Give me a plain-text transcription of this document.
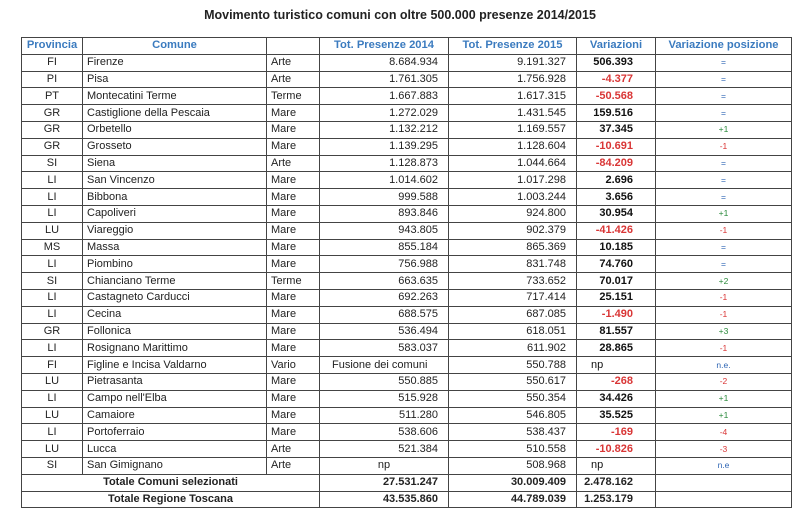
Movimento turistico comuni con oltre 500.000 presenze 2014/2015
Provincia	Comune		Tot. Presenze 2014	Tot. Presenze 2015	Variazioni	Variazione posizione
FI	Firenze	Arte	8.684.934	9.191.327	506.393	=
PI	Pisa	Arte	1.761.305	1.756.928	-4.377	=
PT	Montecatini Terme	Terme	1.667.883	1.617.315	-50.568	=
GR	Castiglione della Pescaia	Mare	1.272.029	1.431.545	159.516	=
GR	Orbetello	Mare	1.132.212	1.169.557	37.345	+1
GR	Grosseto	Mare	1.139.295	1.128.604	-10.691	-1
SI	Siena	Arte	1.128.873	1.044.664	-84.209	=
LI	San Vincenzo	Mare	1.014.602	1.017.298	2.696	=
LI	Bibbona	Mare	999.588	1.003.244	3.656	=
LI	Capoliveri	Mare	893.846	924.800	30.954	+1
LU	Viareggio	Mare	943.805	902.379	-41.426	-1
MS	Massa	Mare	855.184	865.369	10.185	=
LI	Piombino	Mare	756.988	831.748	74.760	=
SI	Chianciano Terme	Terme	663.635	733.652	70.017	+2
LI	Castagneto Carducci	Mare	692.263	717.414	25.151	-1
LI	Cecina	Mare	688.575	687.085	-1.490	-1
GR	Follonica	Mare	536.494	618.051	81.557	+3
LI	Rosignano Marittimo	Mare	583.037	611.902	28.865	-1
FI	Figline e Incisa Valdarno	Vario	Fusione dei comuni	550.788	np	n.e.
LU	Pietrasanta	Mare	550.885	550.617	-268	-2
LI	Campo nell'Elba	Mare	515.928	550.354	34.426	+1
LU	Camaiore	Mare	511.280	546.805	35.525	+1
LI	Portoferraio	Mare	538.606	538.437	-169	-4
LU	Lucca	Arte	521.384	510.558	-10.826	-3
SI	San Gimignano	Arte	np	508.968	np	n.e
Totale Comuni selezionati			27.531.247	30.009.409	2.478.162	
Totale Regione Toscana			43.535.860	44.789.039	1.253.179	
